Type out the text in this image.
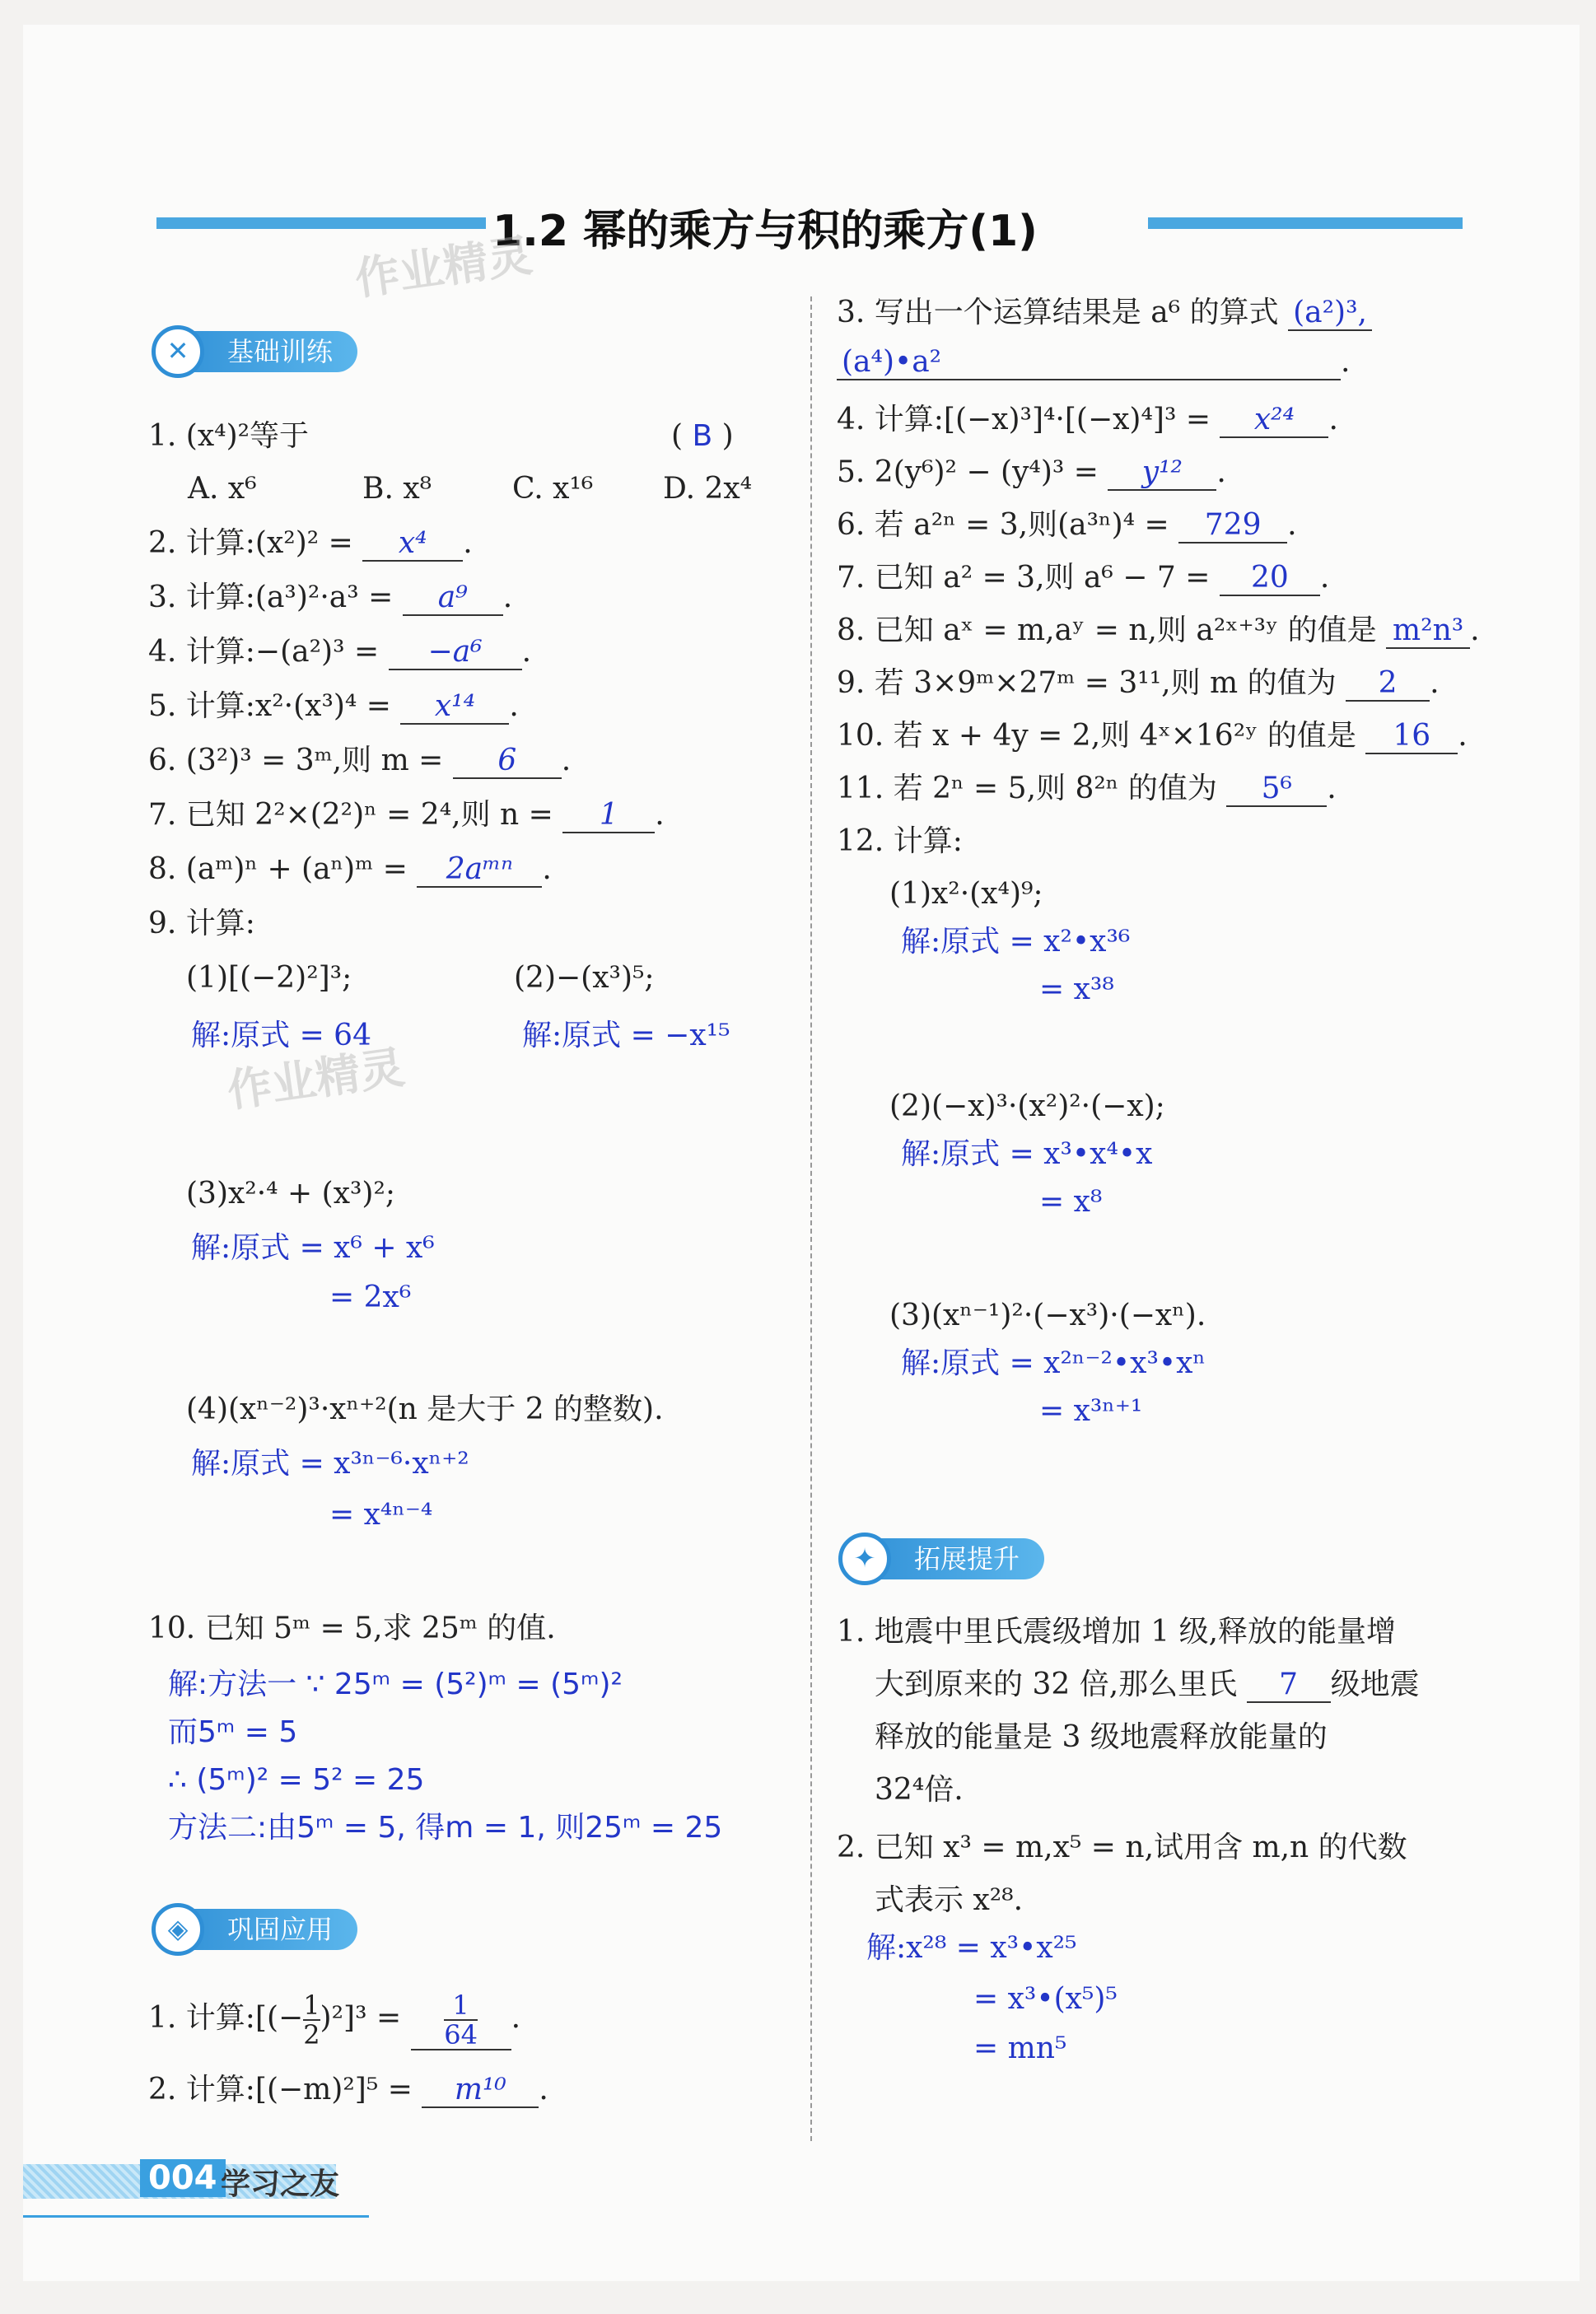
1.2 幂的乘方与积的乘方(1)
作业精灵
作业精灵
基础训练
✕
1. (x⁴)²等于	( B )
A. x⁶	B. x⁸	C. x¹⁶ D. 2x⁴
2. 计算:(x²)² = x⁴ .
3. 计算:(a³)²·a³ = a⁹ .
4. 计算:−(a²)³ = −a⁶ .
5. 计算:x²·(x³)⁴ = x¹⁴ .
6. (3²)³ = 3ᵐ,则 m = 6 .
7. 已知 2²×(2²)ⁿ = 2⁴,则 n = 1 .
8. (aᵐ)ⁿ + (aⁿ)ᵐ = 2aᵐⁿ .
9. 计算:
(1)[(−2)²]³;	(2)−(x³)⁵;
解:原式 = 64	解:原式 = −x¹⁵
(3)x²·⁴ + (x³)²;
解:原式 = x⁶ + x⁶
= 2x⁶
(4)(xⁿ⁻²)³·xⁿ⁺²(n 是大于 2 的整数).
解:原式 = x³ⁿ⁻⁶·xⁿ⁺²
= x⁴ⁿ⁻⁴
10. 已知 5ᵐ = 5,求 25ᵐ 的值.
解:方法一 ∵ 25ᵐ = (5²)ᵐ = (5ᵐ)²
而5ᵐ = 5
∴ (5ᵐ)² = 5² = 25
方法二:由5ᵐ = 5, 得m = 1, 则25ᵐ = 25
巩固应用
◈
1. 计算:[(− $\frac{1}{2} )^2]^3 = \frac{1}{64}$ .
2. 计算:[(−m)²]⁵ = m¹⁰ .
3. 写出一个运算结果是 a⁶ 的算式 (a²)³,
(a⁴)•a²	.
4. 计算:[(−x)³]⁴·[(−x)⁴]³ = x²⁴ .
5. 2(y⁶)² − (y⁴)³ = y¹² .
6. 若 a²ⁿ = 3,则(a³ⁿ)⁴ = 729 .
7. 已知 a² = 3,则 a⁶ − 7 = 20 .
8. 已知 aˣ = m,aʸ = n,则 a²ˣ⁺³ʸ 的值是 m²n³ .
9. 若 3×9ᵐ×27ᵐ = 3¹¹,则 m 的值为 2 .
10. 若 x + 4y = 2,则 4ˣ×16²ʸ 的值是 16 .
11. 若 2ⁿ = 5,则 8²ⁿ 的值为 5⁶ .
12. 计算:
(1)x²·(x⁴)⁹;
解:原式 = x²•x³⁶
= x³⁸
(2)(−x)³·(x²)²·(−x);
解:原式 = x³•x⁴•x
= x⁸
(3)(xⁿ⁻¹)²·(−x³)·(−xⁿ).
解:原式 = x²ⁿ⁻²•x³•xⁿ
= x³ⁿ⁺¹
拓展提升
✦
1. 地震中里氏震级增加 1 级,释放的能量增
大到原来的 32 倍,那么里氏 7 级地震
释放的能量是 3 级地震释放能量的
32⁴倍.
2. 已知 x³ = m,x⁵ = n,试用含 m,n 的代数
式表示 x²⁸.
解:x²⁸ = x³•x²⁵
= x³•(x⁵)⁵
= mn⁵
004 学习之友
